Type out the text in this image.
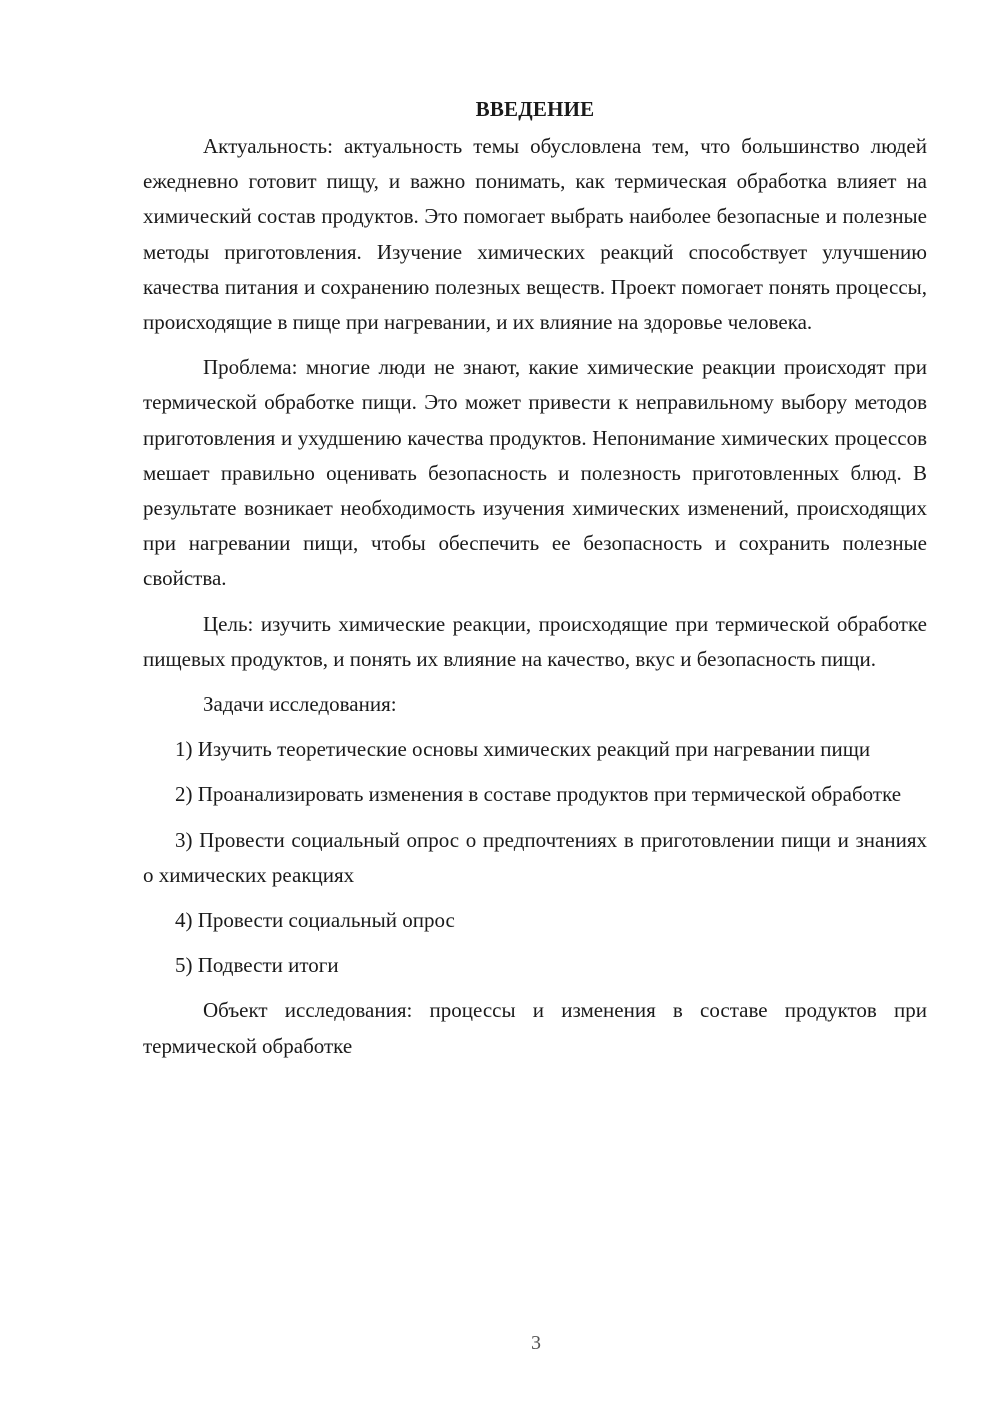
ВВЕДЕНИЕ

Актуальность: актуальность темы обусловлена тем, что большинство людей ежедневно готовит пищу, и важно понимать, как термическая обработка влияет на химический состав продуктов. Это помогает выбрать наиболее безопасные и полезные методы приготовления. Изучение химических реакций способствует улучшению качества питания и сохранению полезных веществ. Проект помогает понять процессы, происходящие в пище при нагревании, и их влияние на здоровье человека.

Проблема: многие люди не знают, какие химические реакции происходят при термической обработке пищи. Это может привести к неправильному выбору методов приготовления и ухудшению качества продуктов. Непонимание химических процессов мешает правильно оценивать безопасность и полезность приготовленных блюд. В результате возникает необходимость изучения химических изменений, происходящих при нагревании пищи, чтобы обеспечить ее безопасность и сохранить полезные свойства.

Цель: изучить химические реакции, происходящие при термической обработке пищевых продуктов, и понять их влияние на качество, вкус и безопасность пищи.

Задачи исследования:

1) Изучить теоретические основы химических реакций при нагревании пищи

2) Проанализировать изменения в составе продуктов при термической обработке

3) Провести социальный опрос о предпочтениях в приготовлении пищи и знаниях о химических реакциях

4) Провести социальный опрос

5) Подвести итоги

Объект исследования: процессы и изменения в составе продуктов при термической обработке

3
